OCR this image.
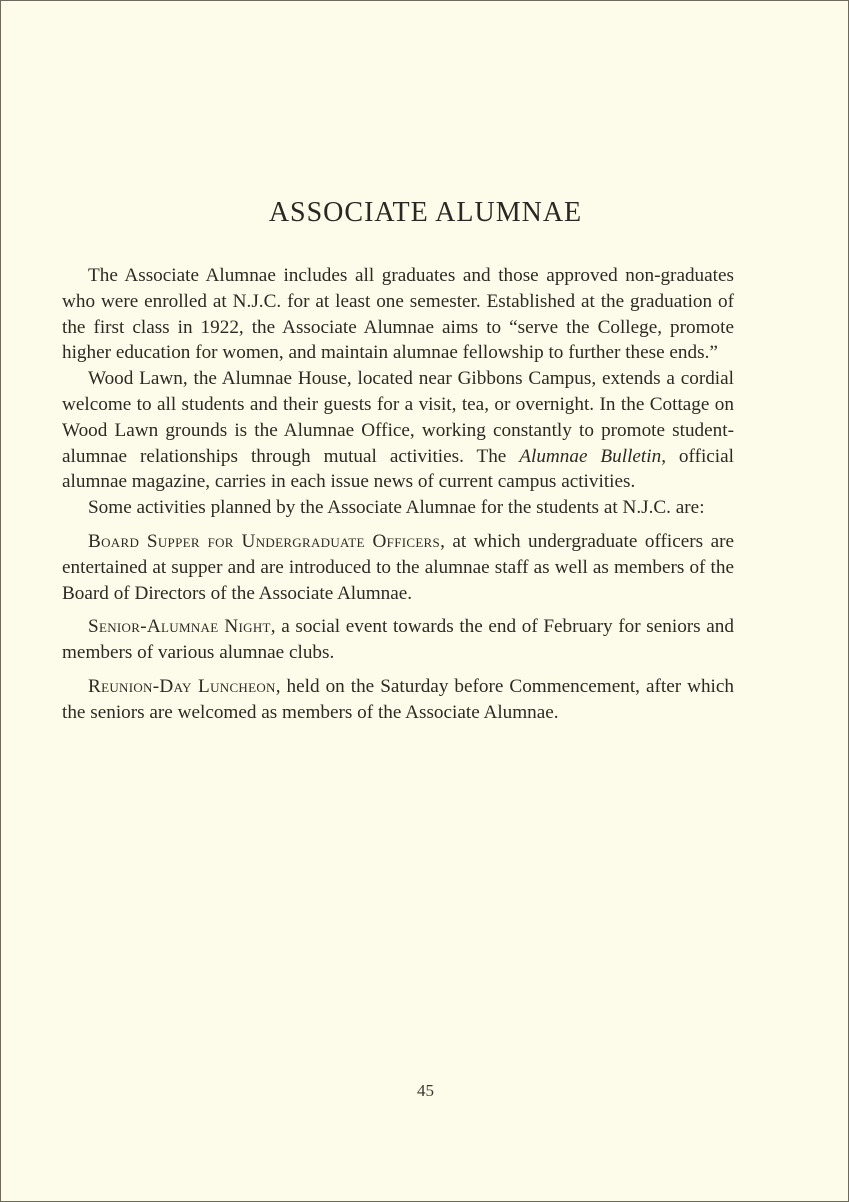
ASSOCIATE ALUMNAE

The Associate Alumnae includes all graduates and those approved non-graduates who were enrolled at N.J.C. for at least one semester. Established at the graduation of the first class in 1922, the Associate Alumnae aims to “serve the College, promote higher education for women, and maintain alumnae fellowship to further these ends.”

Wood Lawn, the Alumnae House, located near Gibbons Campus, extends a cordial welcome to all students and their guests for a visit, tea, or overnight. In the Cottage on Wood Lawn grounds is the Alumnae Office, working constantly to promote student-alumnae relationships through mutual activities. The Alumnae Bulletin, official alumnae magazine, carries in each issue news of current campus activities.

Some activities planned by the Associate Alumnae for the students at N.J.C. are:

Board Supper for Undergraduate Officers, at which undergraduate officers are entertained at supper and are introduced to the alumnae staff as well as members of the Board of Directors of the Associate Alumnae.

Senior-Alumnae Night, a social event towards the end of February for seniors and members of various alumnae clubs.

Reunion-Day Luncheon, held on the Saturday before Commencement, after which the seniors are welcomed as members of the Associate Alumnae.

45
